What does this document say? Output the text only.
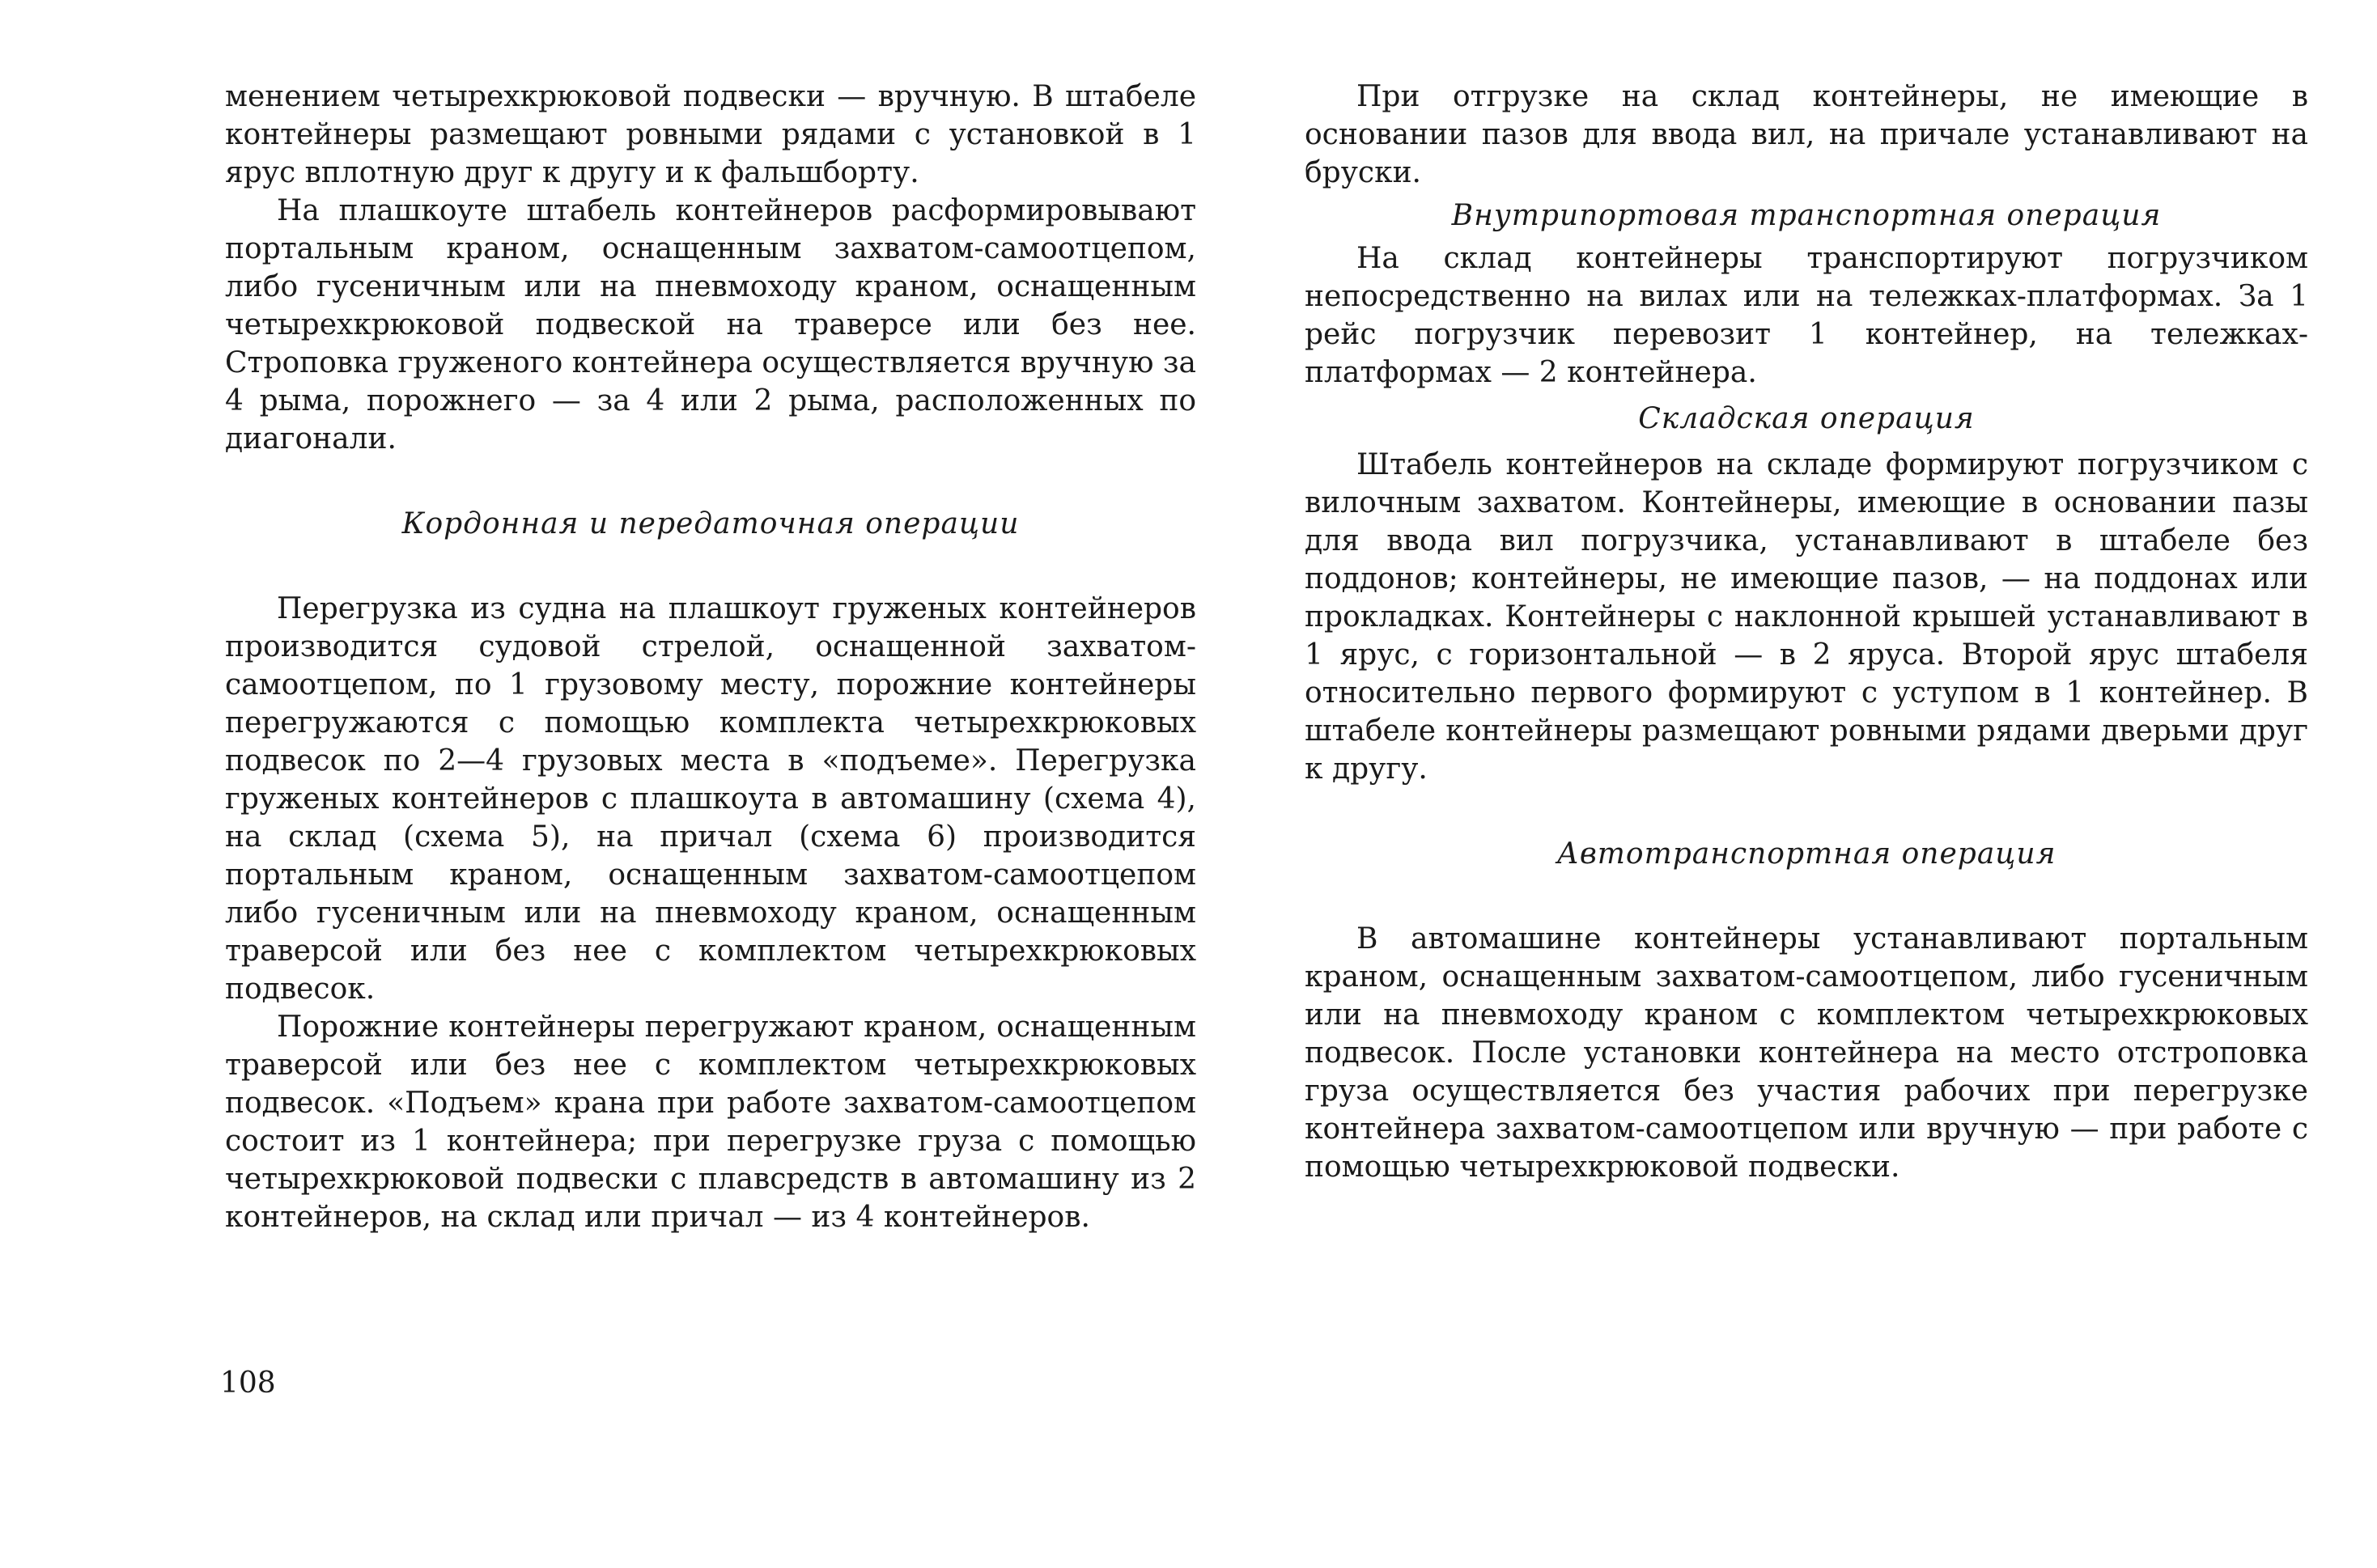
менением четырехкрюковой подвески — вручную. В штабеле контейнеры размещают ровными рядами с установкой в 1 ярус вплотную друг к другу и к фальшборту.

На плашкоуте штабель контейнеров расформировывают портальным краном, оснащенным захватом-самоотцепом, либо гусеничным или на пневмоходу краном, оснащенным четырехкрюковой подвеской на траверсе или без нее. Строповка груженого контейнера осуществляется вручную за 4 рыма, порожнего — за 4 или 2 рыма, расположенных по диагонали.

Кордонная и передаточная операции

Перегрузка из судна на плашкоут груженых контейнеров производится судовой стрелой, оснащенной захватом-самоотцепом, по 1 грузовому месту, порожние контейнеры перегружаются с помощью комплекта четырехкрюковых подвесок по 2—4 грузовых места в «подъеме». Перегрузка груженых контейнеров с плашкоута в автомашину (схема 4), на склад (схема 5), на причал (схема 6) производится портальным краном, оснащенным захватом-самоотцепом либо гусеничным или на пневмоходу краном, оснащенным траверсой или без нее с комплектом четырехкрюковых подвесок.

Порожние контейнеры перегружают краном, оснащенным траверсой или без нее с комплектом четырехкрюковых подвесок. «Подъем» крана при работе захватом-самоотцепом состоит из 1 контейнера; при перегрузке груза с помощью четырехкрюковой подвески с плавсредств в автомашину из 2 контейнеров, на склад или причал — из 4 контейнеров.

При отгрузке на склад контейнеры, не имеющие в основании пазов для ввода вил, на причале устанавливают на бруски.

Внутрипортовая транспортная операция

На склад контейнеры транспортируют погрузчиком непосредственно на вилах или на тележках-платформах. За 1 рейс погрузчик перевозит 1 контейнер, на тележках-платформах — 2 контейнера.

Складская операция

Штабель контейнеров на складе формируют погрузчиком с вилочным захватом. Контейнеры, имеющие в основании пазы для ввода вил погрузчика, устанавливают в штабеле без поддонов; контейнеры, не имеющие пазов, — на поддонах или прокладках. Контейнеры с наклонной крышей устанавливают в 1 ярус, с горизонтальной — в 2 яруса. Второй ярус штабеля относительно первого формируют с уступом в 1 контейнер. В штабеле контейнеры размещают ровными рядами дверьми друг к другу.

Автотранспортная операция

В автомашине контейнеры устанавливают портальным краном, оснащенным захватом-самоотцепом, либо гусеничным или на пневмоходу краном с комплектом четырехкрюковых подвесок. После установки контейнера на место отстроповка груза осуществляется без участия рабочих при перегрузке контейнера захватом-самоотцепом или вручную — при работе с помощью четырехкрюковой подвески.

108
